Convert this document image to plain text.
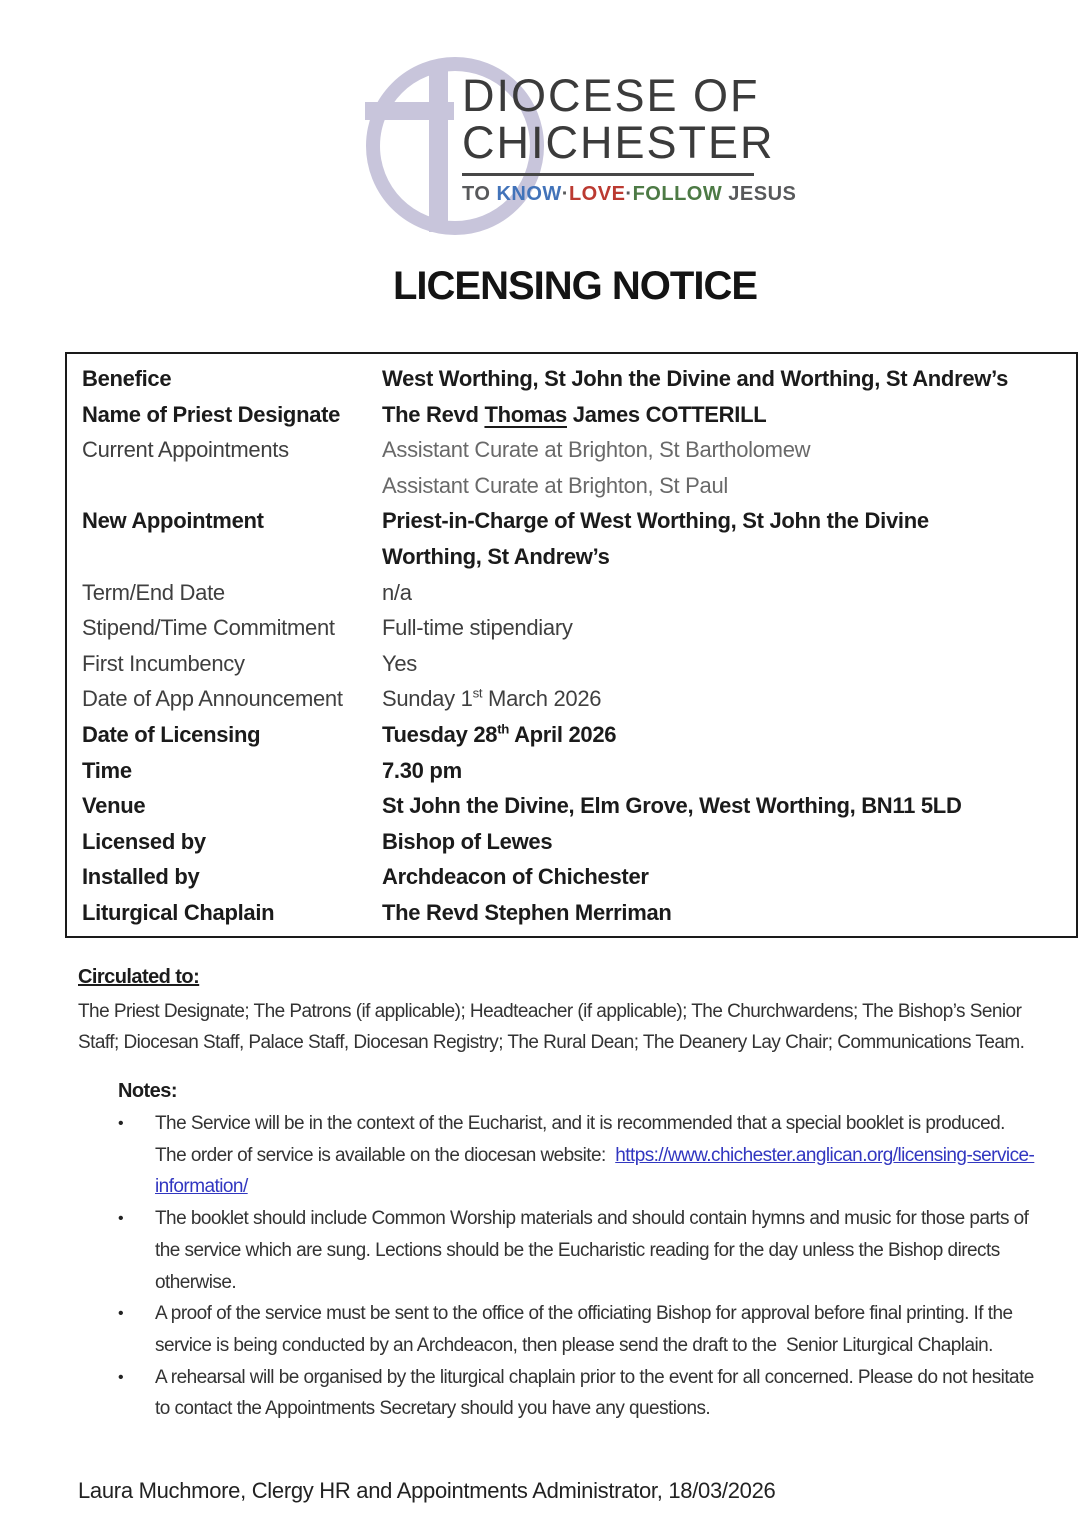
DIOCESE OF
CHICHESTER
TO KNOW·LOVE·FOLLOW JESUS
LICENSING NOTICE
Benefice	West Worthing, St John the Divine and Worthing, St Andrew’s
Name of Priest Designate	The Revd Thomas James COTTERILL
Current Appointments	Assistant Curate at Brighton, St Bartholomew
Assistant Curate at Brighton, St Paul
New Appointment	Priest-in-Charge of West Worthing, St John the Divine
Worthing, St Andrew’s
Term/End Date	n/a
Stipend/Time Commitment	Full-time stipendiary
First Incumbency	Yes
Date of App Announcement	Sunday 1st March 2026
Date of Licensing	Tuesday 28th April 2026
Time	7.30 pm
Venue	St John the Divine, Elm Grove, West Worthing, BN11 5LD
Licensed by	Bishop of Lewes
Installed by	Archdeacon of Chichester
Liturgical Chaplain	The Revd Stephen Merriman
Circulated to:

The Priest Designate; The Patrons (if applicable); Headteacher (if applicable); The Churchwardens; The Bishop’s Senior Staff; Diocesan Staff, Palace Staff, Diocesan Registry; The Rural Dean; The Deanery Lay Chair; Communications Team.

Notes:
•	The Service will be in the context of the Eucharist, and it is recommended that a special booklet is produced. The order of service is available on the diocesan website:  https://www.chichester.anglican.org/licensing-service-information/
•	The booklet should include Common Worship materials and should contain hymns and music for those parts of the service which are sung. Lections should be the Eucharistic reading for the day unless the Bishop directs otherwise.
•	A proof of the service must be sent to the office of the officiating Bishop for approval before final printing. If the service is being conducted by an Archdeacon, then please send the draft to the  Senior Liturgical Chaplain.
•	A rehearsal will be organised by the liturgical chaplain prior to the event for all concerned. Please do not hesitate to contact the Appointments Secretary should you have any questions.
Laura Muchmore, Clergy HR and Appointments Administrator, 18/03/2026
